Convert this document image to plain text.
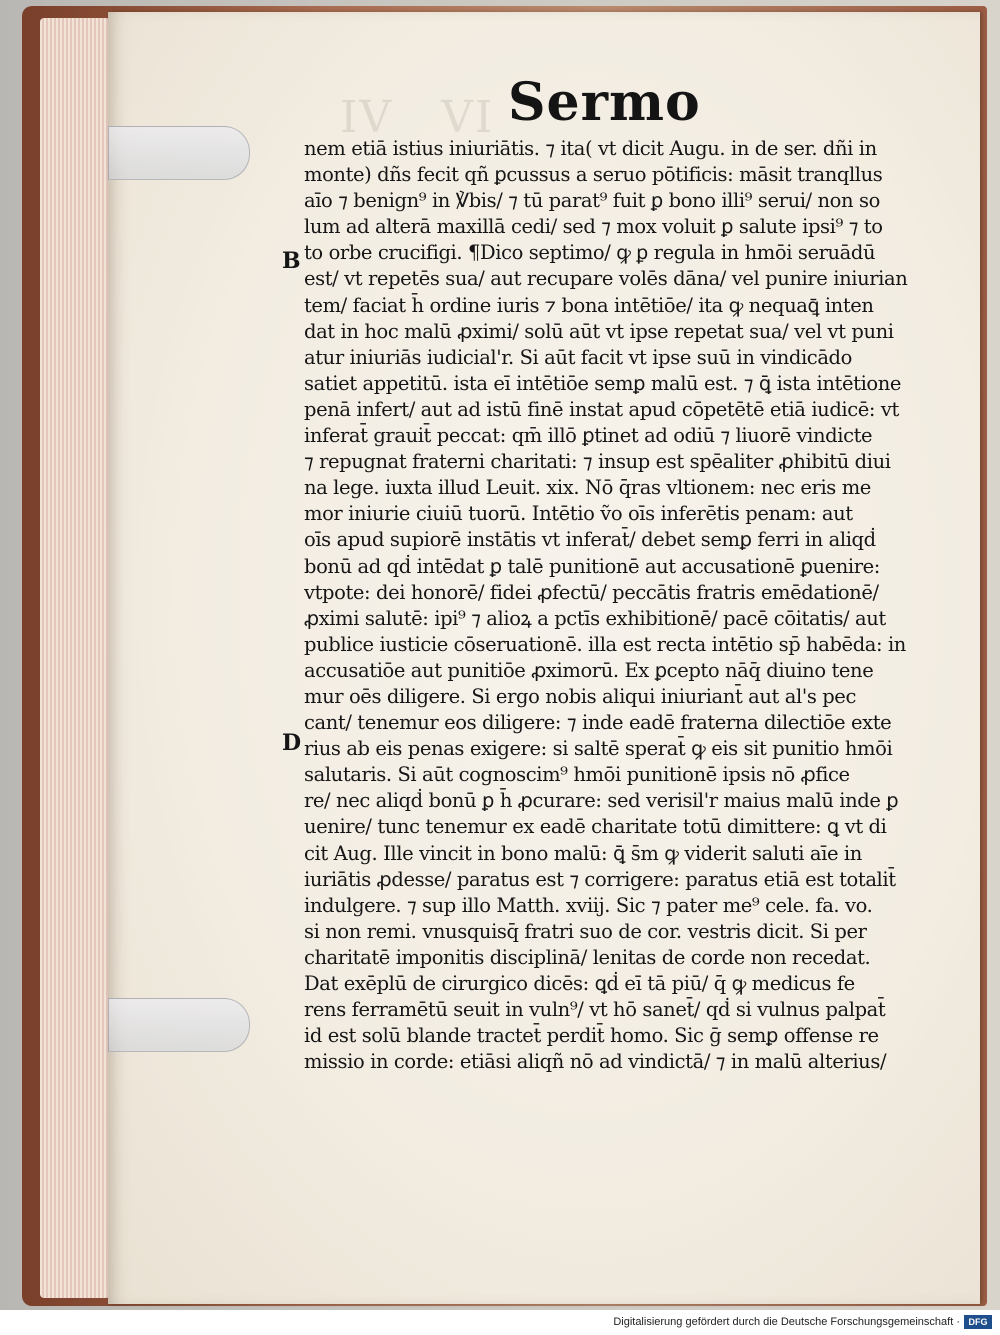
IV   VI Sermo
B
D
nem etiā istius iniuriātis. ⁊ ita( vt dicit Augu. in de ser. dñi in
monte) dñs fecit qñ ꝑcussus a seruo pōtificis: māsit tranqllus
aīo ⁊ benign⁹ in ℣bis/ ⁊ tū parat⁹ fuit ꝑ bono illi⁹ serui/ non so
lum ad alterā maxillā cedi/ sed ⁊ mox voluit ꝑ salute ipsi⁹ ⁊ to
to orbe crucifigi. ¶Dico septimo/ ꝙ ꝑ regula in hmōi seruādū
est/ vt repetēs sua/ aut recupare volēs dāna/ vel punire iniurian
tem/ faciat h̄ ordine iuris ⁊ bona intētiōe/ ita ꝙ nequaꝗ̄ inten
dat in hoc malū ꝓximi/ solū aūt vt ipse repetat sua/ vel vt puni
atur iniuriās iudicial'r. Si aūt facit vt ipse suū in vindicādo
satiet appetitū. ista eī intētiōe semꝑ malū est. ⁊ ꝗ̄ ista intētione
penā infert/ aut ad istū finē instat apud cōpetētē etiā iudicē: vt
inferat̄ grauit̄ peccat: qm̄ illō ꝑtinet ad odiū ⁊ liuorē vindicte
⁊ repugnat fraterni charitati: ⁊ insup est spēaliter ꝓhibitū diui
na lege. iuxta illud Leuit. xix. Nō q̄ras vltionem: nec eris me
mor iniurie ciuiū tuorū. Intētio ṽo oīs inferētis penam: aut
oīs apud supiorē instātis vt inferat̄/ debet semꝑ ferri in aliqḋ
bonū ad qḋ intēdat ꝑ talē punitionē aut accusationē ꝑuenire:
vtpote: dei honorē/ fidei ꝓfectū/ peccātis fratris emēdationē/
ꝓximi salutē: ipi⁹ ⁊ alioꝝ a pctīs exhibitionē/ pacē cōitatis/ aut
publice iusticie cōseruationē. illa est recta intētio sp̄ habēda: in
accusatiōe aut punitiōe ꝓximorū. Ex ꝑcepto nāq̄ diuino tene
mur oēs diligere. Si ergo nobis aliqui iniuriant̄ aut al's pec
cant/ tenemur eos diligere: ⁊ inde eadē fraterna dilectiōe exte
rius ab eis penas exigere: si saltē sperat̄ ꝙ eis sit punitio hmōi
salutaris. Si aūt cognoscim⁹ hmōi punitionē ipsis nō ꝓfice
re/ nec aliqḋ bonū ꝑ h̄ ꝓcurare: sed verisil'r maius malū inde ꝑ
uenire/ tunc tenemur ex eadē charitate totū dimittere: ꝗ vt di
cit Aug. Ille vincit in bono malū: ꝗ̄ s̄m ꝙ viderit saluti aīe in
iuriātis ꝓdesse/ paratus est ⁊ corrigere: paratus etiā est totalit̄
indulgere. ⁊ sup illo Matth. xviij. Sic ⁊ pater me⁹ cele. fa. vo.
si non remi. vnusquisq̄ fratri suo de cor. vestris dicit. Si per
charitatē imponitis disciplinā/ lenitas de corde non recedat.
Dat exēplū de cirurgico dicēs: ꝗḋ eī tā piū/ q̄ ꝙ medicus fe
rens ferramētū seuit in vuln⁹/ vt hō sanet̄/ qḋ si vulnus palpat̄
id est solū blande tractet̄ perdit̄ homo. Sic ḡ semꝑ offense re
missio in corde: etiāsi aliqñ nō ad vindictā/ ⁊ in malū alterius/
Digitalisierung gefördert durch die Deutsche Forschungsgemeinschaft · DFG
